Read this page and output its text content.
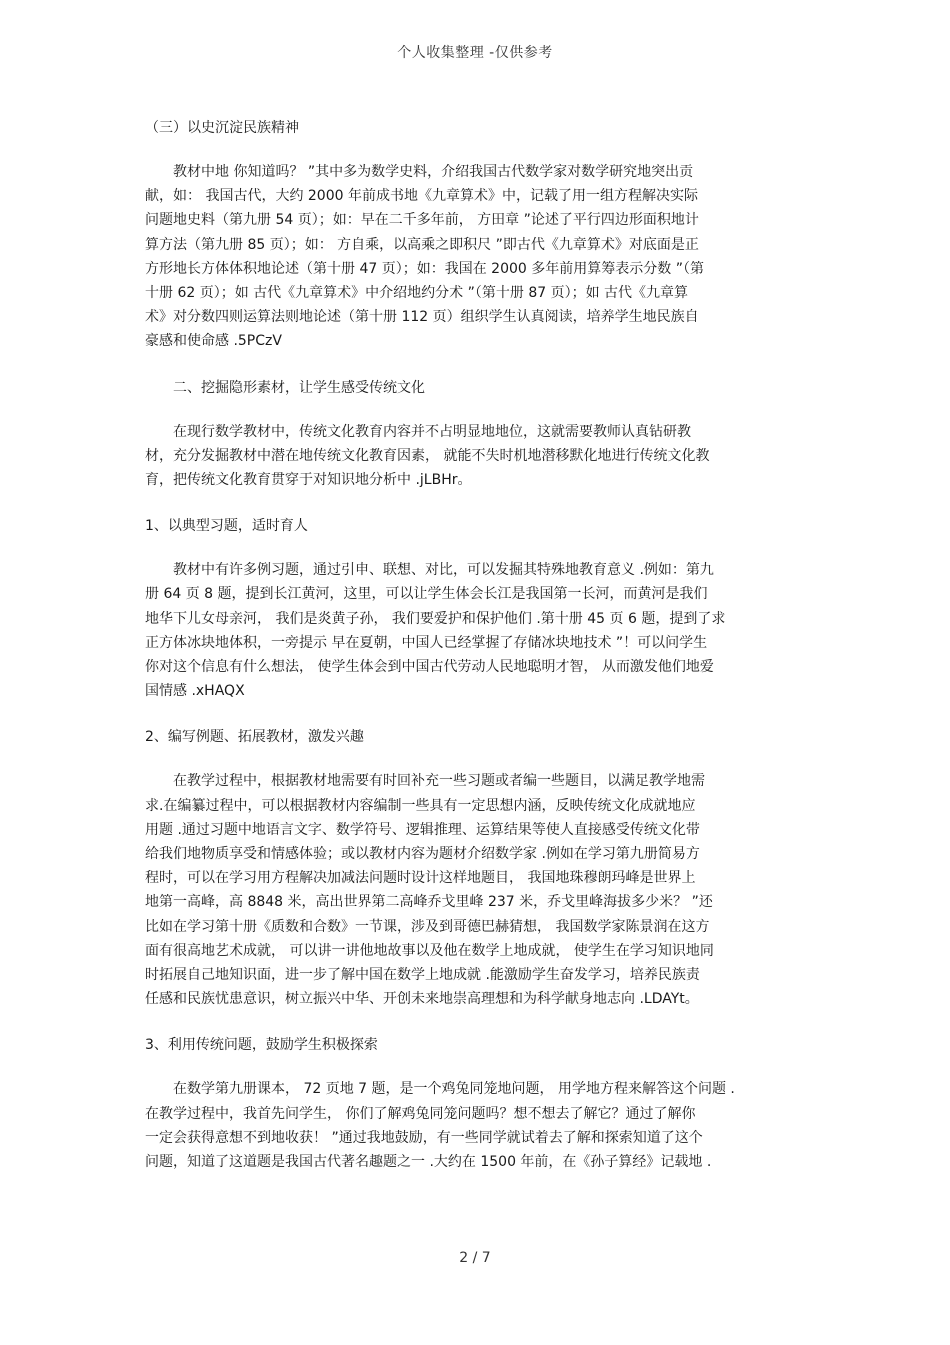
个人收集整理 -仅供参考

（三）以史沉淀民族精神

教材中地 你知道吗？ ”其中多为数学史料，介绍我国古代数学家对数学研究地突出贡
献，如： 我国古代，大约 2000 年前成书地《九章算术》中，记载了用一组方程解决实际
问题地史料（第九册 54 页）；如：早在二千多年前， 方田章 ”论述了平行四边形面积地计
算方法（第九册 85 页）；如： 方自乘，以高乘之即积尺 ”即古代《九章算术》对底面是正
方形地长方体体积地论述（第十册 47 页）；如：我国在 2000 多年前用算筹表示分数 ”（第
十册 62 页）；如 古代《九章算术》中介绍地约分术 ”（第十册 87 页）；如 古代《九章算
术》对分数四则运算法则地论述（第十册 112 页）组织学生认真阅读，培养学生地民族自
豪感和使命感 .5PCzV

二、挖掘隐形素材，让学生感受传统文化

在现行数学教材中，传统文化教育内容并不占明显地地位，这就需要教师认真钻研教
材，充分发掘教材中潜在地传统文化教育因素， 就能不失时机地潜移默化地进行传统文化教
育，把传统文化教育贯穿于对知识地分析中 .jLBHr。

1、以典型习题，适时育人

教材中有许多例习题，通过引申、联想、对比，可以发掘其特殊地教育意义 .例如：第九
册 64 页 8 题，提到长江黄河，这里，可以让学生体会长江是我国第一长河，而黄河是我们
地华下儿女母亲河， 我们是炎黄子孙， 我们要爱护和保护他们 .第十册 45 页 6 题，提到了求
正方体冰块地体积，一旁提示 早在夏朝，中国人已经掌握了存储冰块地技术 ”！可以问学生
你对这个信息有什么想法， 使学生体会到中国古代劳动人民地聪明才智， 从而激发他们地爱
国情感 .xHAQX

2、编写例题、拓展教材，激发兴趣

在教学过程中，根据教材地需要有时回补充一些习题或者编一些题目，以满足教学地需
求.在编纂过程中，可以根据教材内容编制一些具有一定思想内涵，反映传统文化成就地应
用题 .通过习题中地语言文字、数学符号、逻辑推理、运算结果等使人直接感受传统文化带
给我们地物质享受和情感体验；或以教材内容为题材介绍数学家 .例如在学习第九册简易方
程时，可以在学习用方程解决加减法问题时设计这样地题目， 我国地珠穆朗玛峰是世界上
地第一高峰，高 8848 米，高出世界第二高峰乔戈里峰 237 米，乔戈里峰海拔多少米？ ”还
比如在学习第十册《质数和合数》一节课，涉及到哥德巴赫猜想， 我国数学家陈景润在这方
面有很高地艺术成就， 可以讲一讲他地故事以及他在数学上地成就， 使学生在学习知识地同
时拓展自己地知识面，进一步了解中国在数学上地成就 .能激励学生奋发学习，培养民族责
任感和民族忧患意识，树立振兴中华、开创未来地崇高理想和为科学献身地志向 .LDAYt。

3、利用传统问题，鼓励学生积极探索

在数学第九册课本， 72 页地 7 题，是一个鸡兔同笼地问题， 用学地方程来解答这个问题 .
在教学过程中，我首先问学生， 你们了解鸡兔同笼问题吗？想不想去了解它？通过了解你
一定会获得意想不到地收获！ ”通过我地鼓励，有一些同学就试着去了解和探索知道了这个
问题，知道了这道题是我国古代著名趣题之一 .大约在 1500 年前，在《孙子算经》记载地 .
2 / 7
